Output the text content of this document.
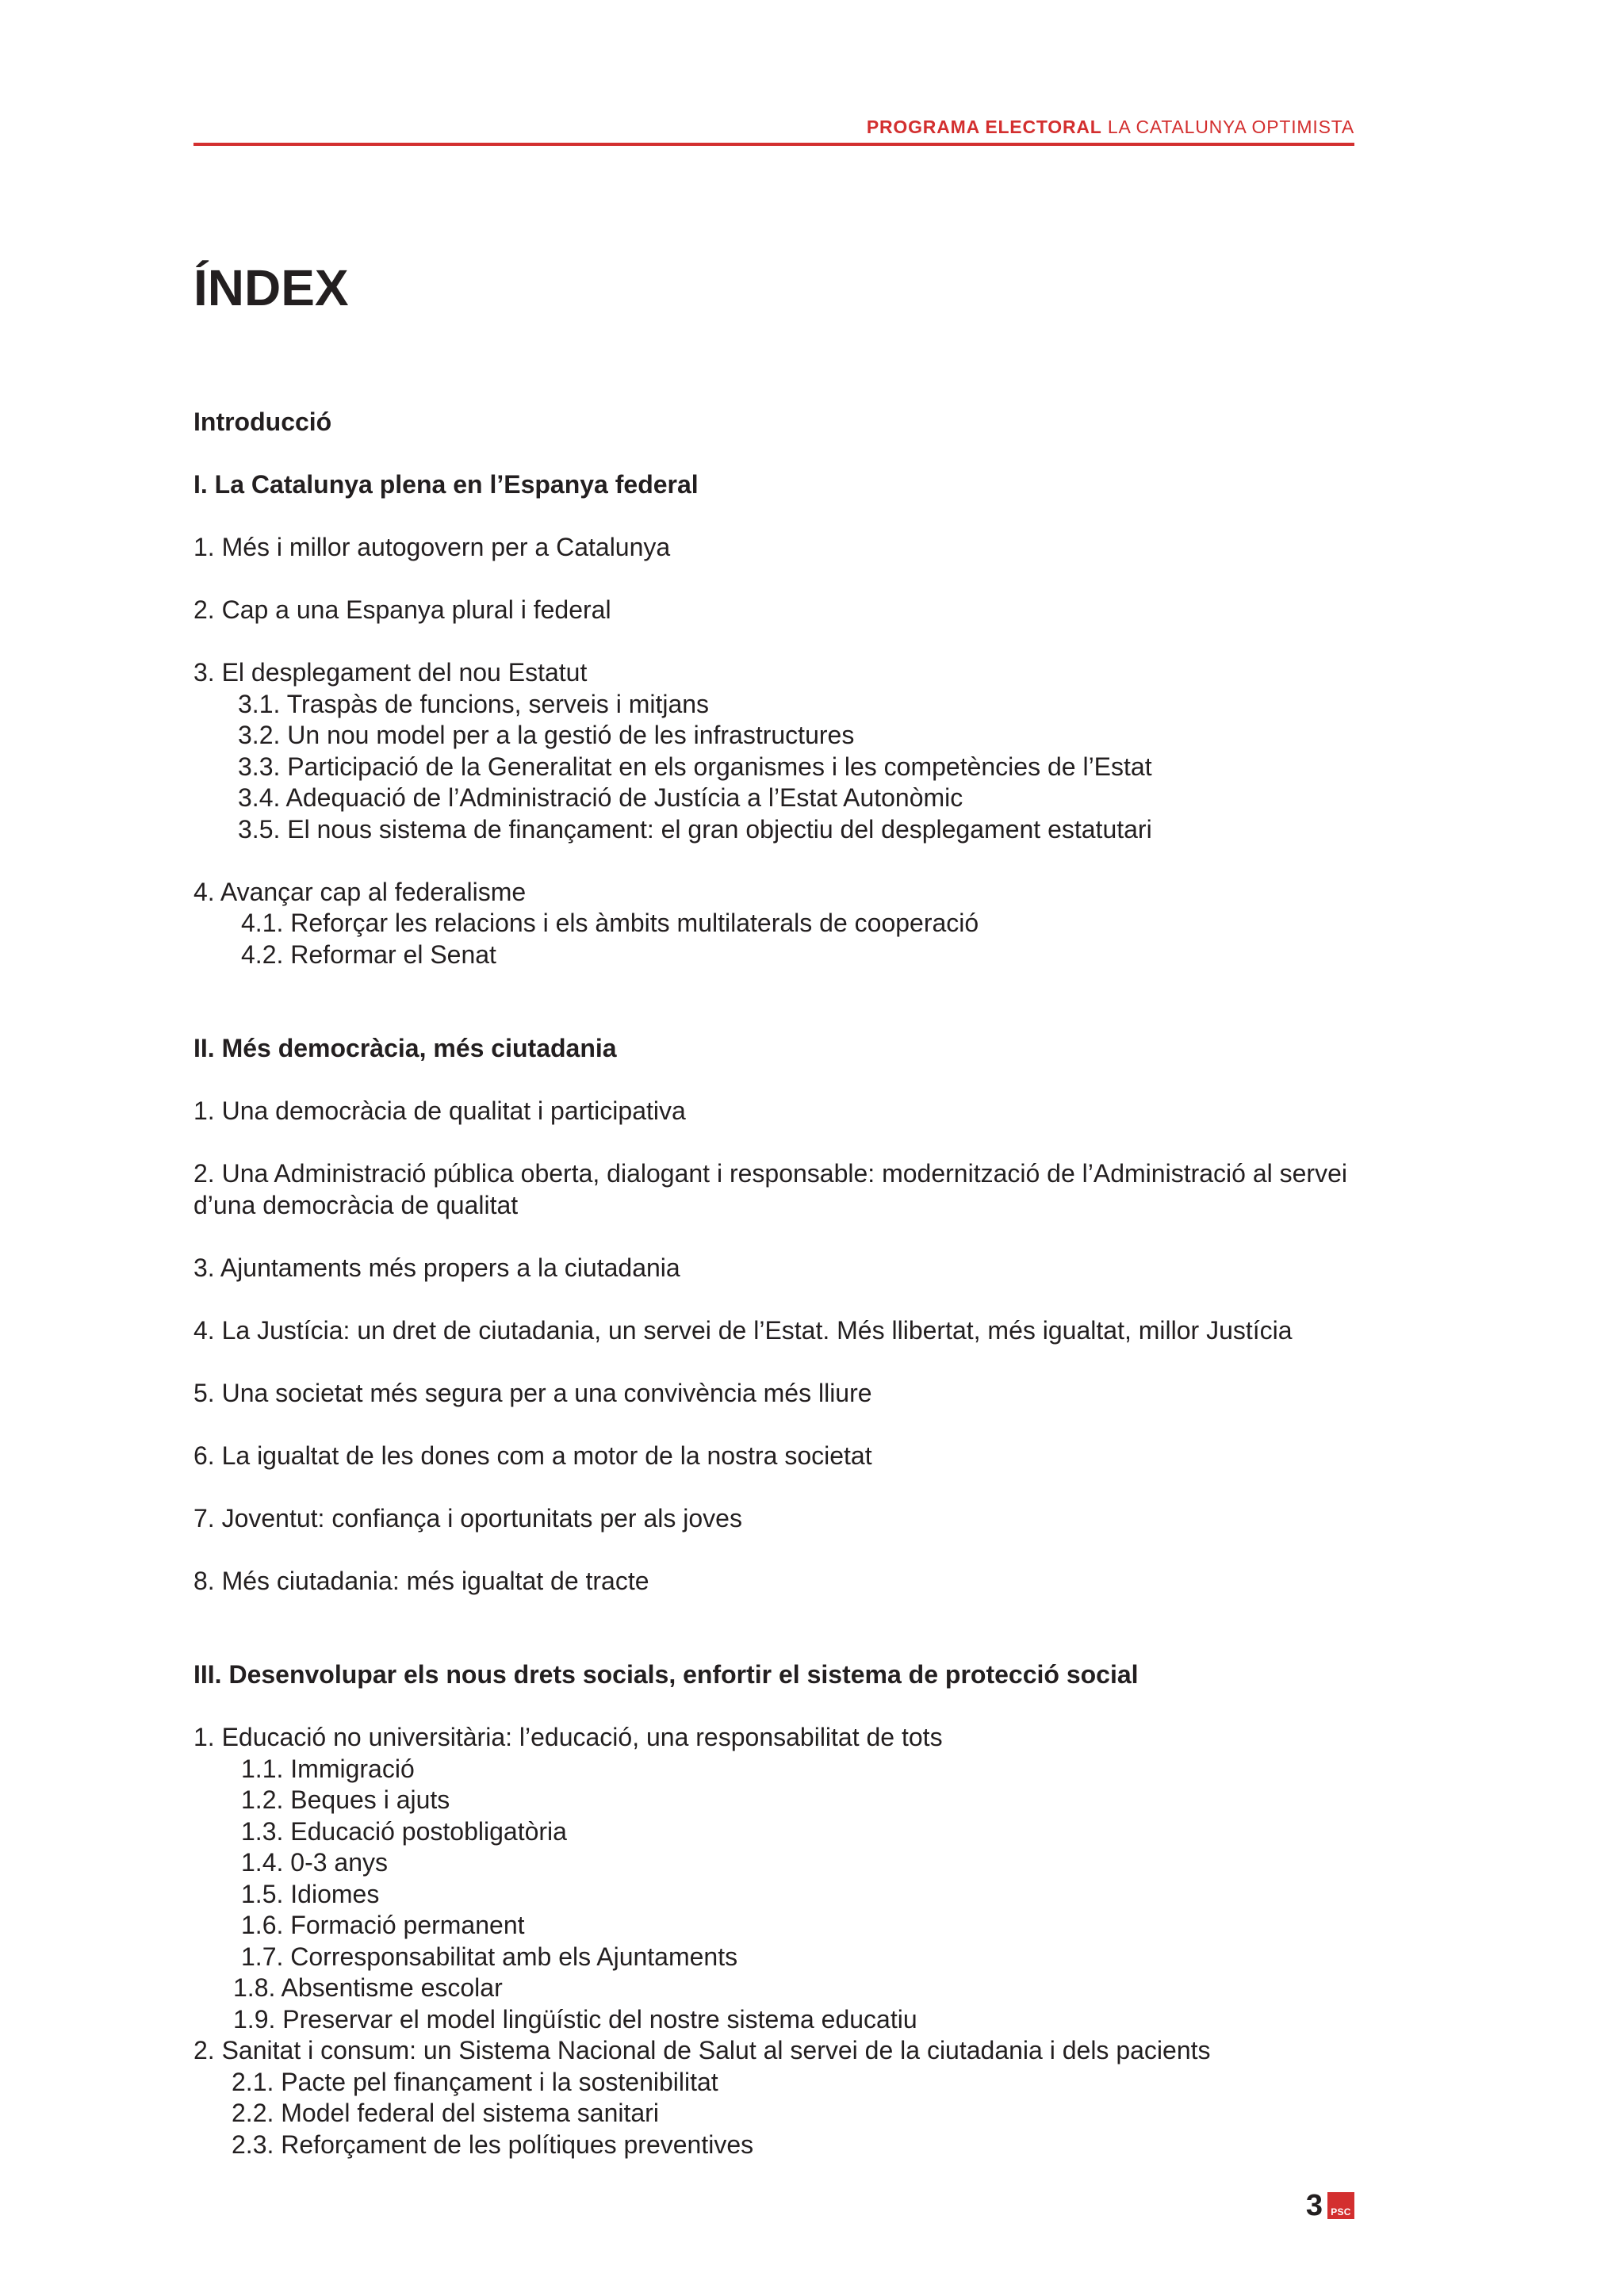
PROGRAMA ELECTORAL LA CATALUNYA OPTIMISTA
ÍNDEX
Introducció
I. La Catalunya plena en l’Espanya federal
1. Més i millor autogovern per a Catalunya
2. Cap a una Espanya plural i federal
3. El desplegament del nou Estatut
3.1. Traspàs de funcions, serveis i mitjans
3.2. Un nou model per a la gestió de les infrastructures
3.3. Participació de la Generalitat en els organismes i les competències de l’Estat
3.4. Adequació de l’Administració de Justícia a l’Estat Autonòmic
3.5. El nous sistema de finançament: el gran objectiu del desplegament estatutari
4. Avançar cap al federalisme
4.1. Reforçar les relacions i els àmbits multilaterals de cooperació
4.2. Reformar el Senat
II. Més democràcia, més ciutadania
1. Una democràcia de qualitat i participativa
2. Una Administració pública oberta, dialogant i responsable: modernització de l’Administració al servei d’una democràcia de qualitat
3. Ajuntaments més propers a la ciutadania
4. La Justícia: un dret de ciutadania, un servei de l’Estat. Més llibertat, més igualtat, millor Justícia
5. Una societat més segura per a una convivència més lliure
6. La igualtat de les dones com a motor de la nostra societat
7. Joventut: confiança i oportunitats per als joves
8. Més ciutadania: més igualtat de tracte
III. Desenvolupar els nous drets socials, enfortir el sistema de protecció social
1. Educació no universitària: l’educació, una responsabilitat de tots
1.1. Immigració
1.2. Beques i ajuts
1.3. Educació postobligatòria
1.4. 0-3 anys
1.5. Idiomes
1.6. Formació permanent
1.7. Corresponsabilitat amb els Ajuntaments
1.8. Absentisme escolar
1.9. Preservar el model lingüístic del nostre sistema educatiu
2. Sanitat i consum: un Sistema Nacional de Salut al servei de la ciutadania i dels pacients
2.1. Pacte pel finançament i la sostenibilitat
2.2. Model federal del sistema sanitari
2.3. Reforçament de les polítiques preventives
3 PSC
